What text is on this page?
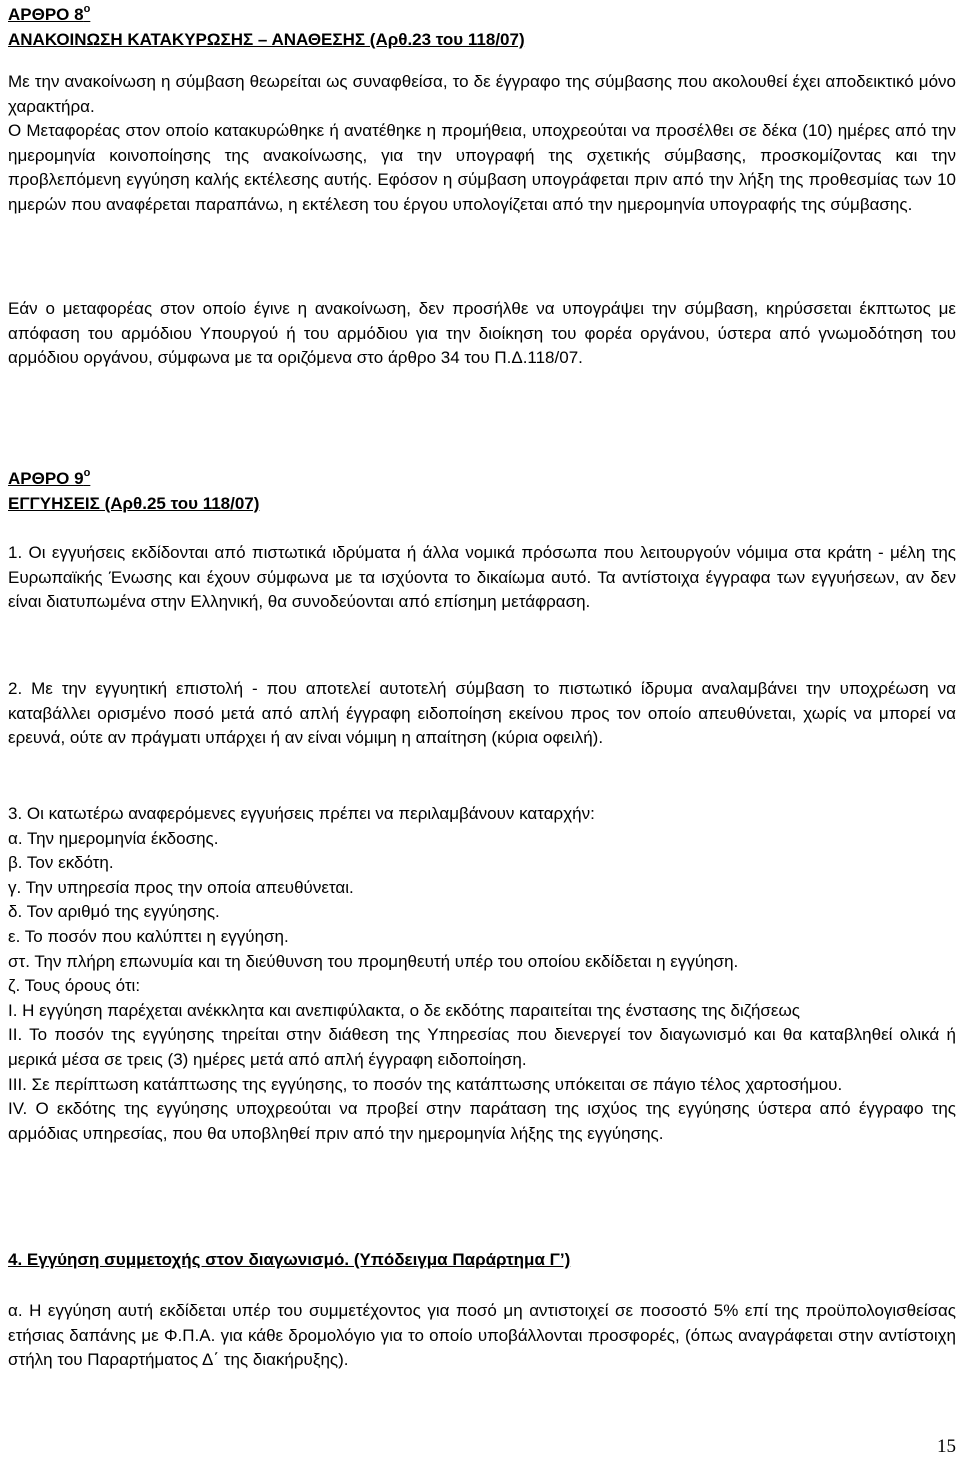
ΑΡΘΡΟ $8^o$
ΑΝΑΚΟΙΝΩΣΗ ΚΑΤΑΚΥΡΩΣΗΣ – ΑΝΑΘΕΣΗΣ (Αρθ.23 του 118/07)

Με την ανακοίνωση η σύμβαση θεωρείται ως συναφθείσα, το δε έγγραφο της σύμβασης που ακολουθεί έχει αποδεικτικό μόνο χαρακτήρα.

Ο Μεταφορέας στον οποίο κατακυρώθηκε ή ανατέθηκε η προμήθεια, υποχρεούται να προσέλθει σε δέκα (10) ημέρες από την ημερομηνία κοινοποίησης της ανακοίνωσης, για την υπογραφή της σχετικής σύμβασης, προσκομίζοντας και την προβλεπόμενη εγγύηση καλής εκτέλεσης αυτής. Εφόσον η σύμβαση υπογράφεται πριν από την λήξη της προθεσμίας των 10 ημερών που αναφέρεται παραπάνω, η εκτέλεση του έργου υπολογίζεται από την ημερομηνία υπογραφής της σύμβασης.

Εάν ο μεταφορέας στον οποίο έγινε η ανακοίνωση, δεν προσήλθε να υπογράψει την σύμβαση, κηρύσσεται έκπτωτος με απόφαση του αρμόδιου Υπουργού ή του αρμόδιου για την διοίκηση του φορέα οργάνου, ύστερα από γνωμοδότηση του αρμόδιου οργάνου, σύμφωνα με τα οριζόμενα στο άρθρο 34 του Π.Δ.118/07.

ΑΡΘΡΟ $9^o$
ΕΓΓΥΗΣΕΙΣ (Αρθ.25 του 118/07)

1. Οι εγγυήσεις εκδίδονται από πιστωτικά ιδρύματα ή άλλα νομικά πρόσωπα που λειτουργούν νόμιμα στα κράτη - μέλη της Ευρωπαϊκής Ένωσης και έχουν σύμφωνα με τα ισχύοντα το δικαίωμα αυτό. Τα αντίστοιχα έγγραφα των εγγυήσεων, αν δεν είναι διατυπωμένα στην Ελληνική, θα συνοδεύονται από επίσημη μετάφραση.

2. Με την εγγυητική επιστολή - που αποτελεί αυτοτελή σύμβαση το πιστωτικό ίδρυμα αναλαμβάνει την υποχρέωση να καταβάλλει ορισμένο ποσό μετά από απλή έγγραφη ειδοποίηση εκείνου προς τον οποίο απευθύνεται, χωρίς να μπορεί να ερευνά, ούτε αν πράγματι υπάρχει ή αν είναι νόμιμη η απαίτηση (κύρια οφειλή).

3. Οι κατωτέρω αναφερόμενες εγγυήσεις πρέπει να περιλαμβάνουν καταρχήν:
α. Την ημερομηνία έκδοσης.
β. Τον εκδότη.
γ. Την υπηρεσία προς την οποία απευθύνεται.
δ. Τον αριθμό της εγγύησης.
ε. Το ποσόν που καλύπτει η εγγύηση.
στ. Την πλήρη επωνυμία και τη διεύθυνση του προμηθευτή υπέρ του οποίου εκδίδεται η εγγύηση.
ζ. Τους όρους ότι:

Ι. Η εγγύηση παρέχεται ανέκκλητα και ανεπιφύλακτα, ο δε εκδότης παραιτείται της ένστασης της διζήσεως

ΙΙ. Το ποσόν της εγγύησης τηρείται στην διάθεση της Υπηρεσίας που διενεργεί τον διαγωνισμό και θα καταβληθεί ολικά ή μερικά μέσα σε τρεις (3) ημέρες μετά από απλή έγγραφη ειδοποίηση.

ΙΙΙ. Σε περίπτωση κατάπτωσης της εγγύησης, το ποσόν της κατάπτωσης υπόκειται σε πάγιο τέλος χαρτοσήμου.

IV. Ο εκδότης της εγγύησης υποχρεούται να προβεί στην παράταση της ισχύος της εγγύησης ύστερα από έγγραφο της αρμόδιας υπηρεσίας, που θα υποβληθεί πριν από την ημερομηνία λήξης της εγγύησης.

4. Εγγύηση συμμετοχής στον διαγωνισμό. (Υπόδειγμα Παράρτημα Γ’)

α. Η εγγύηση αυτή εκδίδεται υπέρ του συμμετέχοντος για ποσό μη αντιστοιχεί σε ποσοστό 5% επί της προϋπολογισθείσας ετήσιας δαπάνης με Φ.Π.Α. για κάθε δρομολόγιο για το οποίο υποβάλλονται προσφορές, (όπως αναγράφεται στην αντίστοιχη στήλη του Παραρτήματος Δ΄ της διακήρυξης).

15
